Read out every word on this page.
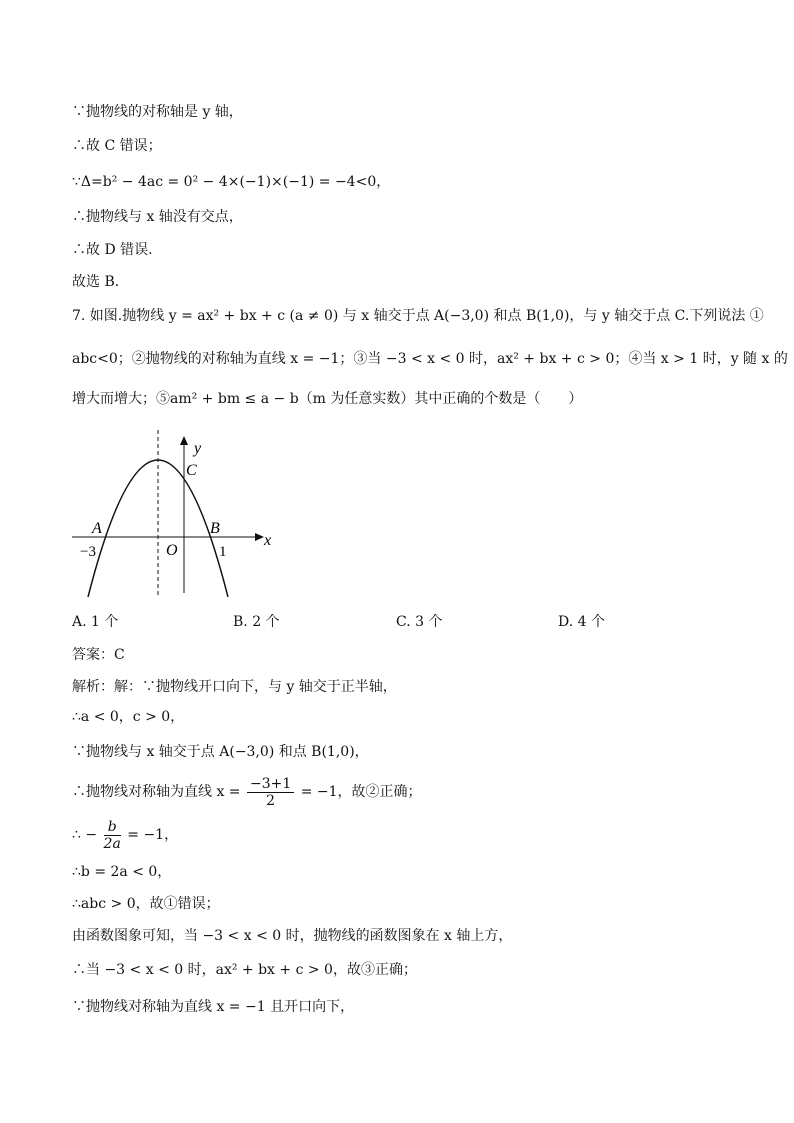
∵抛物线的对称轴是 y 轴，
∴故 C 错误；
∵Δ=b² − 4ac = 0² − 4×(−1)×(−1) = −4<0，
∴抛物线与 x 轴没有交点，
∴故 D 错误.
故选 B．
7. 如图.抛物线 y = ax² + bx + c (a ≠ 0) 与 x 轴交于点 A(−3,0) 和点 B(1,0)，与 y 轴交于点 C.下列说法 ①
abc<0；②抛物线的对称轴为直线 x = −1；③当 −3 < x < 0 时，ax² + bx + c > 0；④当 x > 1 时，y 随 x 的
增大而增大；⑤am² + bm ≤ a − b（m 为任意实数）其中正确的个数是（　　）
y
x
C
A	B
O
−3	1
A. 1 个	B. 2 个	C. 3 个	D. 4 个
答案：C
解析：解：∵抛物线开口向下，与 y 轴交于正半轴，
∴a < 0，c > 0，
∵抛物线与 x 轴交于点 A(−3,0) 和点 B(1,0)，
∴抛物线对称轴为直线 $x = \frac{-3+1}{2} = -1$，故②正确；
∴ − $\frac{b}{2a} = -1$，
∴b = 2a < 0，
∴abc > 0，故①错误；
由函数图象可知，当 −3 < x < 0 时，抛物线的函数图象在 x 轴上方，
∴当 −3 < x < 0 时，ax² + bx + c > 0，故③正确；
∵抛物线对称轴为直线 x = −1 且开口向下，
